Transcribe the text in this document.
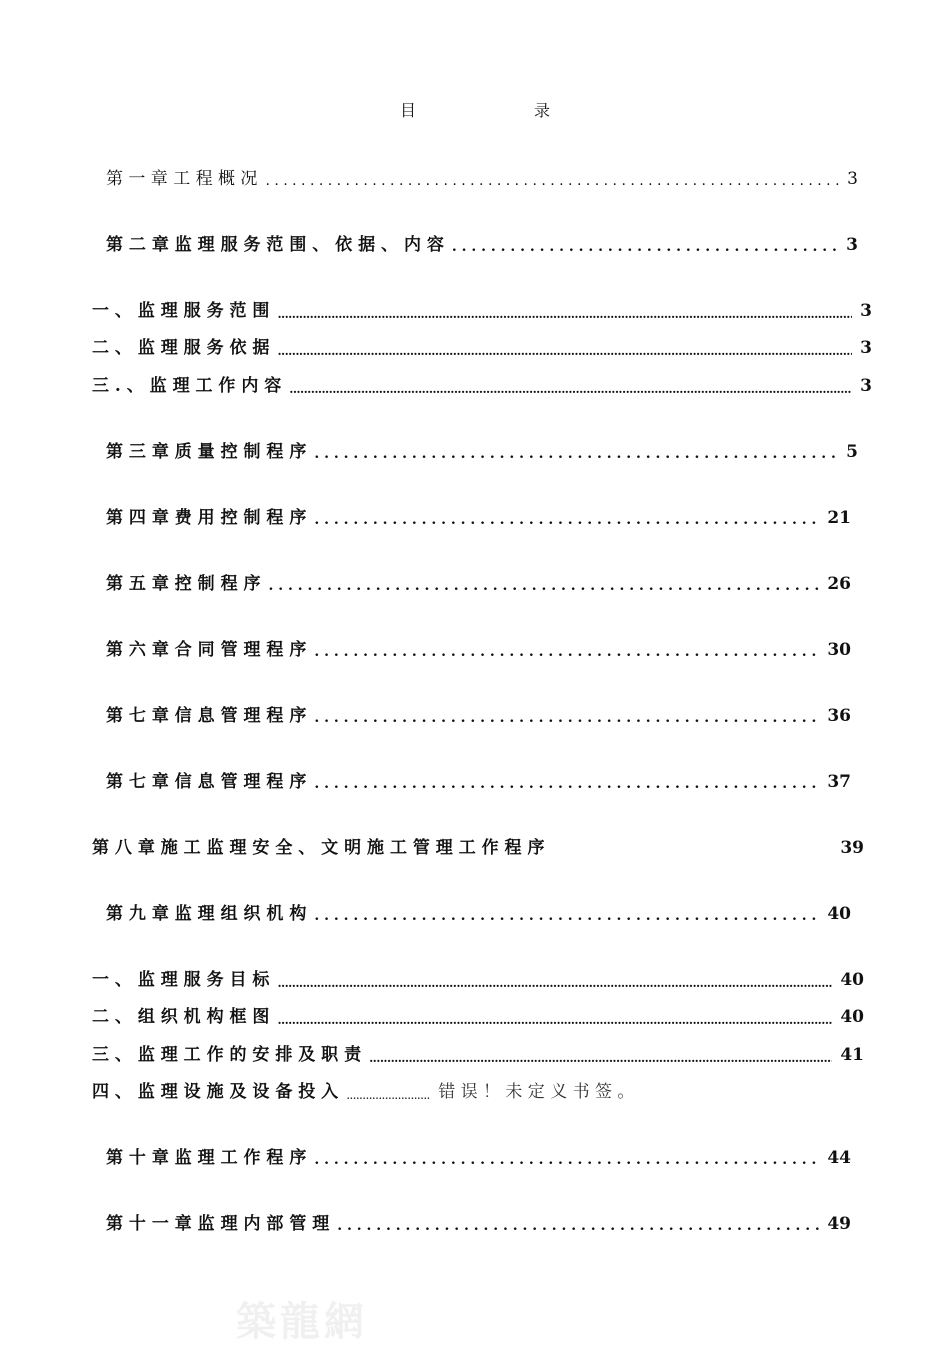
目	录
第 一 章 工 程 概 况 . . .	3
第 二 章 监 理 服 务 范 围 、 依 据 、 内 容 . . .	3
一 、 监 理 服 务 范 围 .....	3
二 、 监 理 服 务 依 据 .....	3
三 . 、 监 理 工 作 内 容 .....	3
第 三 章 质 量 控 制 程 序 . . .	5
第 四 章 费 用 控 制 程 序 . . .	21
第 五 章 控 制 程 序 . . .	26
第 六 章 合 同 管 理 程 序 . . .	30
第 七 章 信 息 管 理 程 序 . . .	36
第 七 章 信 息 管 理 程 序 . . .	37
第 八 章 施 工 监 理 安 全 、 文 明 施 工 管 理 工 作 程 序	39
第 九 章 监 理 组 织 机 构 . . .	40
一 、 监 理 服 务 目 标 .....	40
二 、 组 织 机 构 框 图 .....	40
三 、 监 理 工 作 的 安 排 及 职 责 .....	41
四 、 监 理 设 施 及 设 备 投 入 .....	错 误 ！ 未 定 义 书 签 。
第 十 章 监 理 工 作 程 序 . . .	44
第 十 一 章 监 理 内 部 管 理 . . .	49
築龍網
